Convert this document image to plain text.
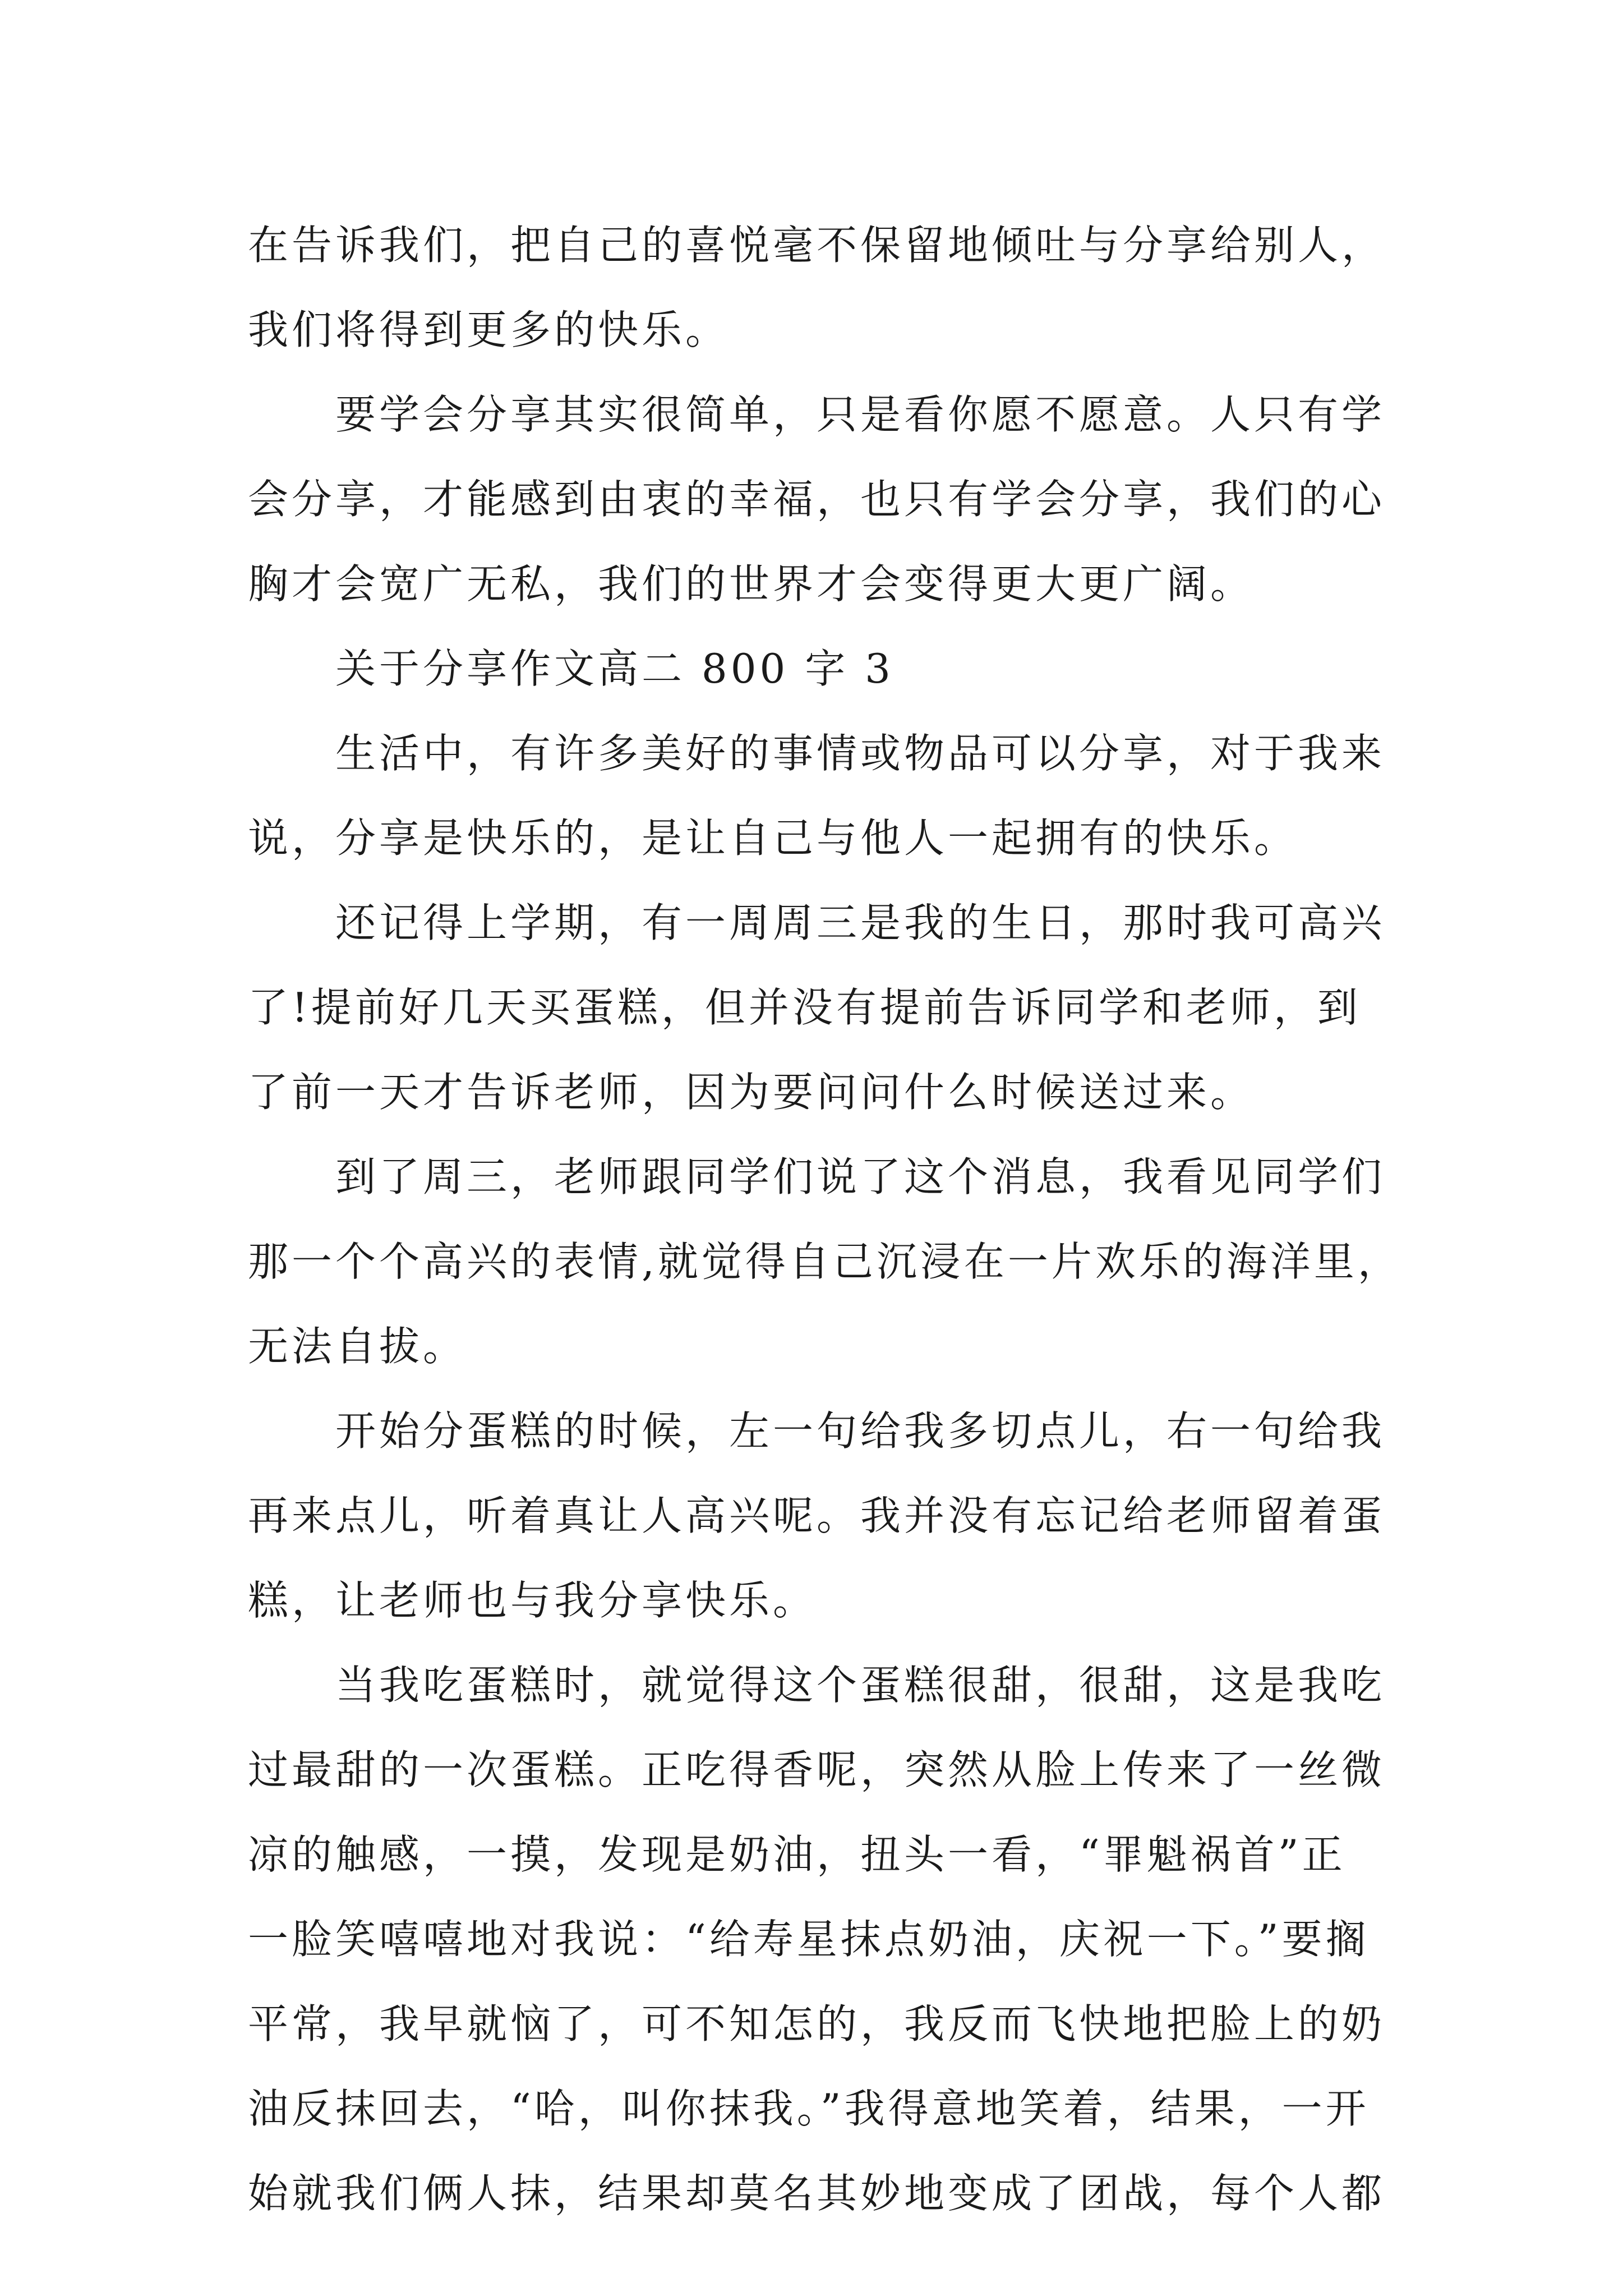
在告诉我们，把自己的喜悦毫不保留地倾吐与分享给别人，
我们将得到更多的快乐。
要学会分享其实很简单，只是看你愿不愿意。人只有学
会分享，才能感到由衷的幸福，也只有学会分享，我们的心
胸才会宽广无私，我们的世界才会变得更大更广阔。
关于分享作文高二 800 字 3
生活中，有许多美好的事情或物品可以分享，对于我来
说，分享是快乐的，是让自己与他人一起拥有的快乐。
还记得上学期，有一周周三是我的生日，那时我可高兴
了!提前好几天买蛋糕，但并没有提前告诉同学和老师，到
了前一天才告诉老师，因为要问问什么时候送过来。
到了周三，老师跟同学们说了这个消息，我看见同学们
那一个个高兴的表情,就觉得自己沉浸在一片欢乐的海洋里，
无法自拔。
开始分蛋糕的时候，左一句给我多切点儿，右一句给我
再来点儿，听着真让人高兴呢。我并没有忘记给老师留着蛋
糕，让老师也与我分享快乐。
当我吃蛋糕时，就觉得这个蛋糕很甜，很甜，这是我吃
过最甜的一次蛋糕。正吃得香呢，突然从脸上传来了一丝微
凉的触感，一摸，发现是奶油，扭头一看，“罪魁祸首”正
一脸笑嘻嘻地对我说：“给寿星抹点奶油，庆祝一下。”要搁
平常，我早就恼了，可不知怎的，我反而飞快地把脸上的奶
油反抹回去，“哈，叫你抹我。”我得意地笑着，结果，一开
始就我们俩人抹，结果却莫名其妙地变成了团战，每个人都
